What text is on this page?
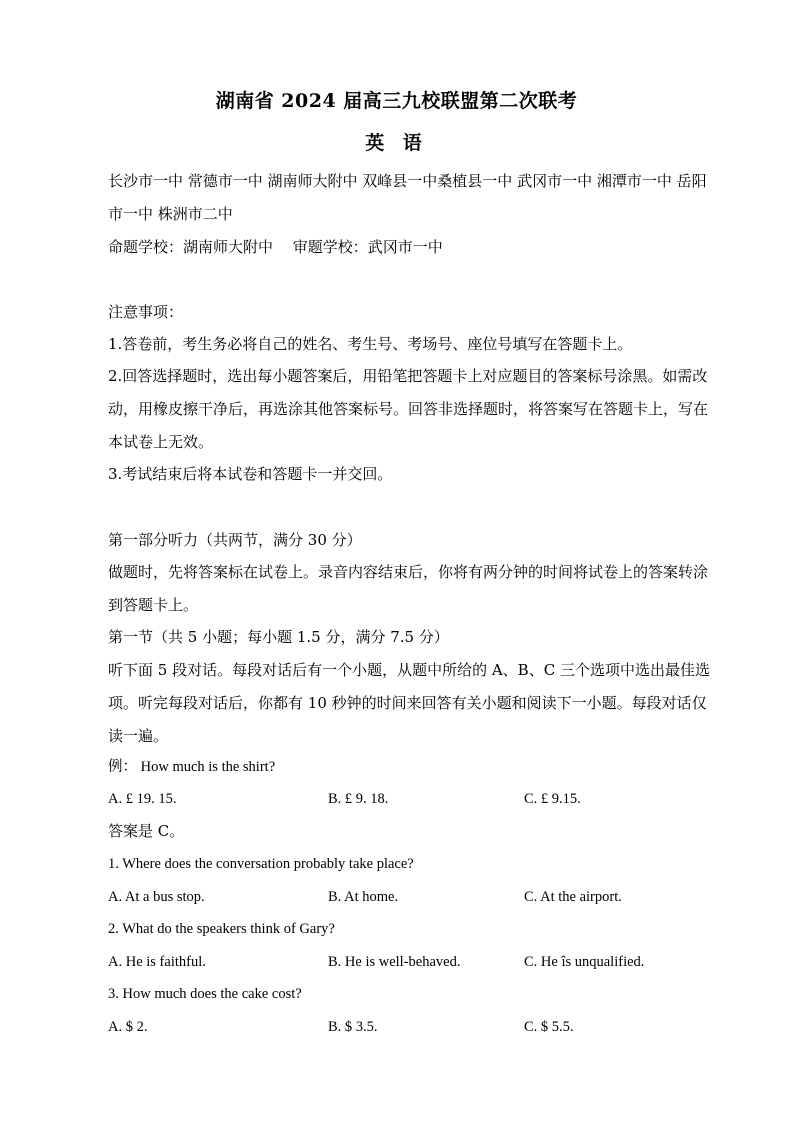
湖南省 2024 届高三九校联盟第二次联考
英 语
长沙市一中 常德市一中 湖南师大附中 双峰县一中桑植县一中 武冈市一中 湘潭市一中 岳阳市一中 株洲市二中
命题学校：湖南师大附中　 审题学校：武冈市一中
注意事项：
1.答卷前，考生务必将自己的姓名、考生号、考场号、座位号填写在答题卡上。
2.回答选择题时，选出每小题答案后，用铅笔把答题卡上对应题目的答案标号涂黑。如需改动，用橡皮擦干净后，再选涂其他答案标号。回答非选择题时，将答案写在答题卡上，写在本试卷上无效。
3.考试结束后将本试卷和答题卡一并交回。
第一部分听力（共两节，满分 30 分）
做题时，先将答案标在试卷上。录音内容结束后，你将有两分钟的时间将试卷上的答案转涂到答题卡上。
第一节（共 5 小题；每小题 1.5 分，满分 7.5 分）
听下面 5 段对话。每段对话后有一个小题，从题中所给的 A、B、C 三个选项中选出最佳选项。听完每段对话后，你都有 10 秒钟的时间来回答有关小题和阅读下一小题。每段对话仅读一遍。
例： How much is the shirt?
A. £ 19. 15.	B. £ 9. 18.	C. £ 9.15.
答案是 C。
1. Where does the conversation probably take place?
A. At a bus stop.	B. At home.	C. At the airport.
2. What do the speakers think of Gary?
A. He is faithful.	B. He is well-behaved.	C. He îs unqualified.
3. How much does the cake cost?
A. $ 2.	B. $ 3.5.	C. $ 5.5.
